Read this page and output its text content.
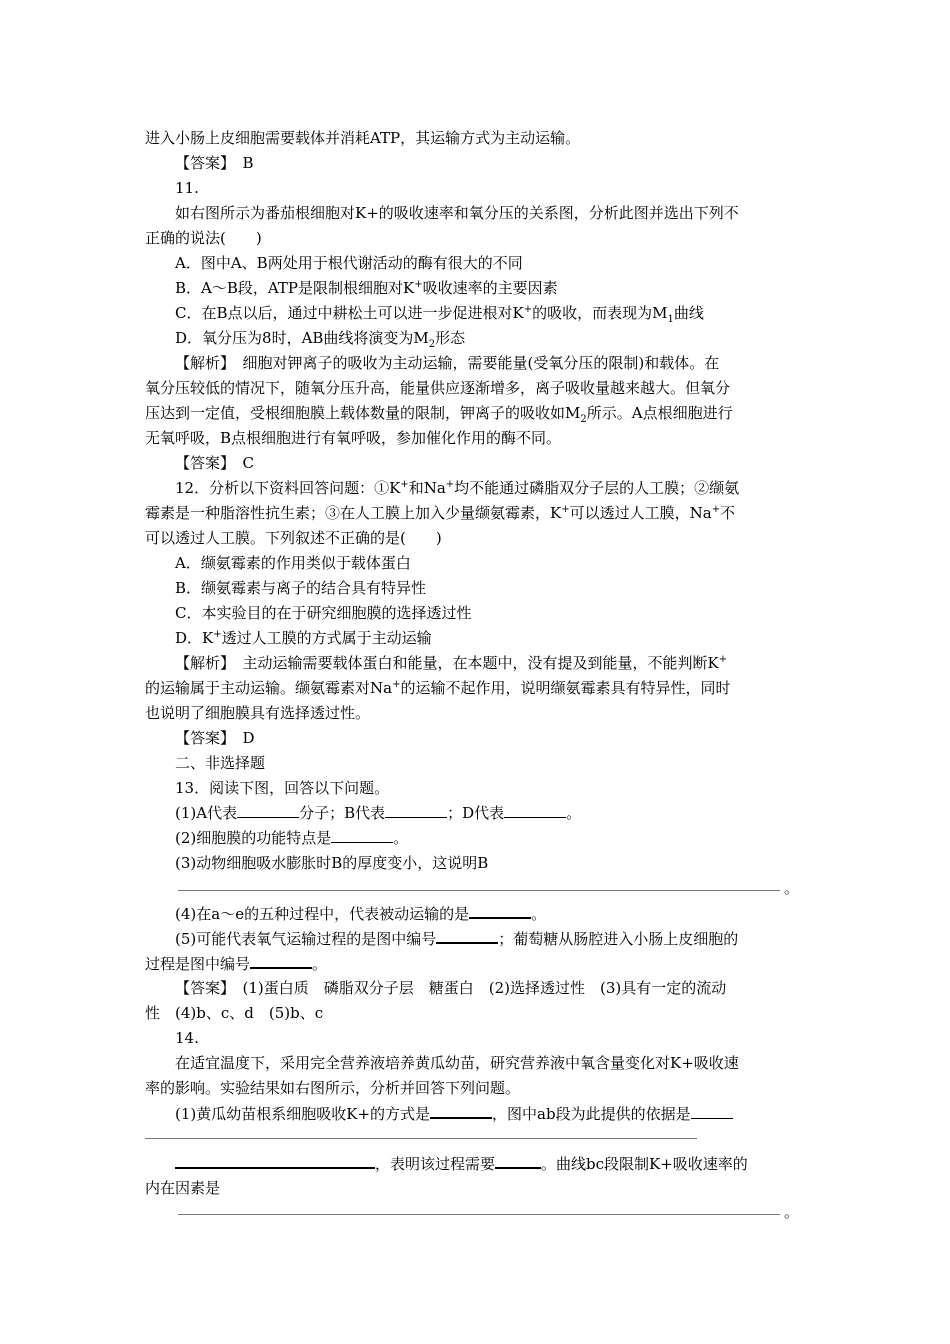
进入小肠上皮细胞需要载体并消耗ATP，其运输方式为主动运输。
【答案】　 B
11.
如右图所示为番茄根细胞对K+的吸收速率和氧分压的关系图，分析此图并选出下列不
正确的说法(　　)
A．图中A、B两处用于根代谢活动的酶有很大的不同
B．A～B段，ATP是限制根细胞对K+吸收速率的主要因素
C．在B点以后，通过中耕松土可以进一步促进根对K+的吸收，而表现为$M_1$曲线
D．氧分压为8时，AB曲线将演变为$M_2$形态
【解析】　 细胞对钾离子的吸收为主动运输，需要能量(受氧分压的限制)和载体。在
氧分压较低的情况下，随氧分压升高，能量供应逐渐增多，离子吸收量越来越大。但氧分
压达到一定值，受根细胞膜上载体数量的限制，钾离子的吸收如$M_2$所示。A点根细胞进行
无氧呼吸，B点根细胞进行有氧呼吸，参加催化作用的酶不同。
【答案】　 C
12．分析以下资料回答问题：①K+和Na+均不能通过磷脂双分子层的人工膜；②缬氨
霉素是一种脂溶性抗生素；③在人工膜上加入少量缬氨霉素，K+可以透过人工膜，Na+不
可以透过人工膜。下列叙述不正确的是(　　)
A．缬氨霉素的作用类似于载体蛋白
B．缬氨霉素与离子的结合具有特异性
C．本实验目的在于研究细胞膜的选择透过性
D．K+透过人工膜的方式属于主动运输
【解析】　 主动运输需要载体蛋白和能量，在本题中，没有提及到能量，不能判断K+
的运输属于主动运输。缬氨霉素对Na+的运输不起作用，说明缬氨霉素具有特异性，同时
也说明了细胞膜具有选择透过性。
【答案】　 D
二、非选择题
13．阅读下图，回答以下问题。
(1)A代表	分子；B代表	；D代表	。
(2)细胞膜的功能特点是	。
(3)动物细胞吸水膨胀时B的厚度变小，这说明B
。
(4)在a～e的五种过程中，代表被动运输的是	。
(5)可能代表氧气运输过程的是图中编号	；葡萄糖从肠腔进入小肠上皮细胞的
过程是图中编号	。
【答案】　 (1)蛋白质　磷脂双分子层　糖蛋白　(2)选择透过性　(3)具有一定的流动
性　(4)b、c、d　(5)b、c
14.
在适宜温度下，采用完全营养液培养黄瓜幼苗，研究营养液中氧含量变化对K+吸收速
率的影响。实验结果如右图所示，分析并回答下列问题。
(1)黄瓜幼苗根系细胞吸收K+的方式是	，图中ab段为此提供的依据是
，表明该过程需要	。曲线bc段限制K+吸收速率的
内在因素是
。
